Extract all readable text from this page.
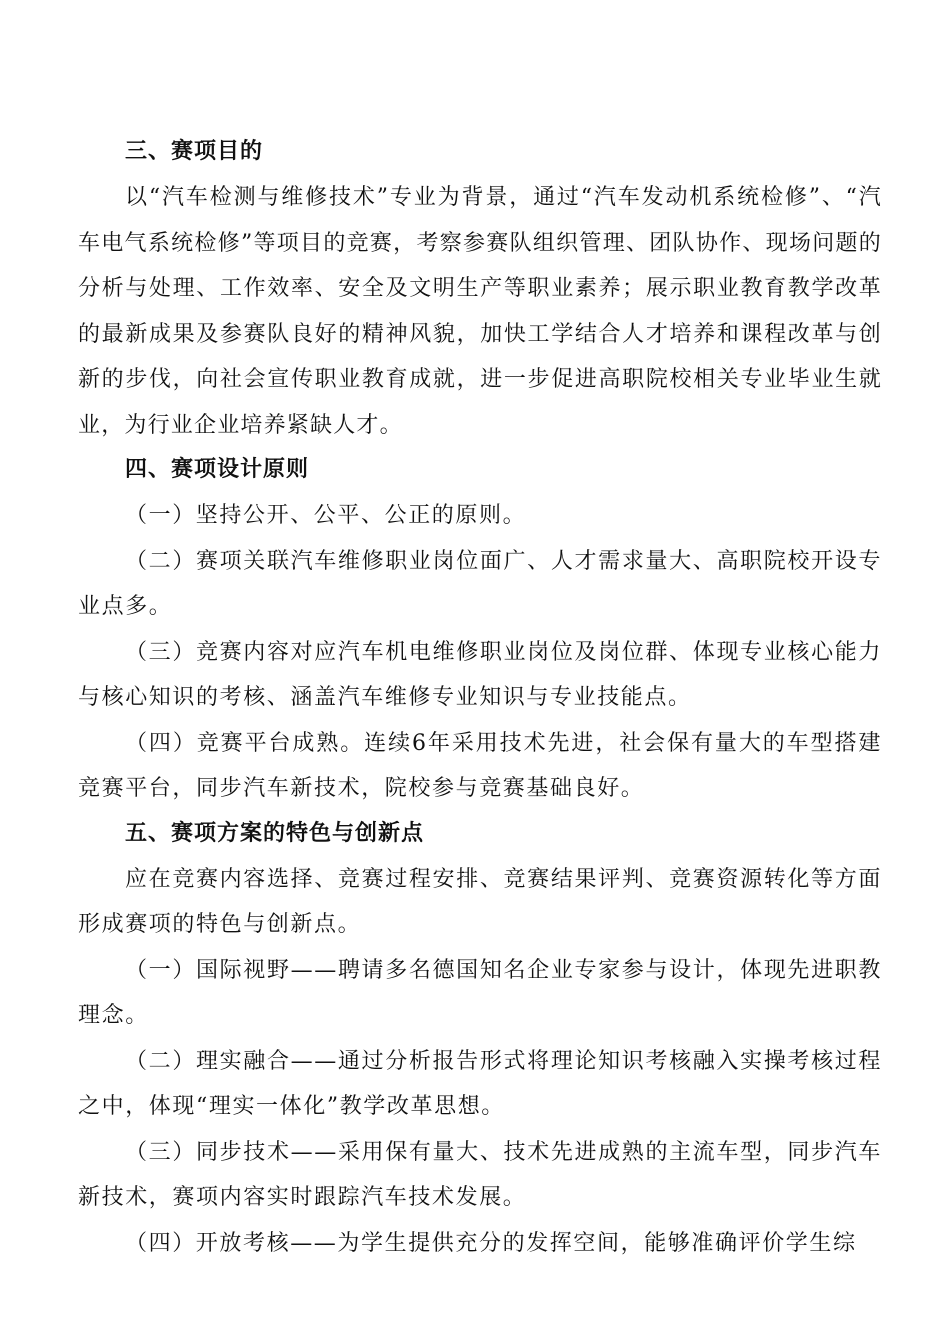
三、赛项目的

以“汽车检测与维修技术”专业为背景，通过“汽车发动机系统检修”、“汽车电气系统检修”等项目的竞赛，考察参赛队组织管理、团队协作、现场问题的分析与处理、工作效率、安全及文明生产等职业素养；展示职业教育教学改革的最新成果及参赛队良好的精神风貌，加快工学结合人才培养和课程改革与创新的步伐，向社会宣传职业教育成就，进一步促进高职院校相关专业毕业生就业，为行业企业培养紧缺人才。

四、赛项设计原则

（一）坚持公开、公平、公正的原则。

（二）赛项关联汽车维修职业岗位面广、人才需求量大、高职院校开设专业点多。

（三）竞赛内容对应汽车机电维修职业岗位及岗位群、体现专业核心能力与核心知识的考核、涵盖汽车维修专业知识与专业技能点。

（四）竞赛平台成熟。连续6年采用技术先进，社会保有量大的车型搭建竞赛平台，同步汽车新技术，院校参与竞赛基础良好。

五、赛项方案的特色与创新点

应在竞赛内容选择、竞赛过程安排、竞赛结果评判、竞赛资源转化等方面形成赛项的特色与创新点。

（一）国际视野——聘请多名德国知名企业专家参与设计，体现先进职教理念。

（二）理实融合——通过分析报告形式将理论知识考核融入实操考核过程之中，体现“理实一体化”教学改革思想。

（三）同步技术——采用保有量大、技术先进成熟的主流车型，同步汽车新技术，赛项内容实时跟踪汽车技术发展。

（四）开放考核——为学生提供充分的发挥空间，能够准确评价学生综
